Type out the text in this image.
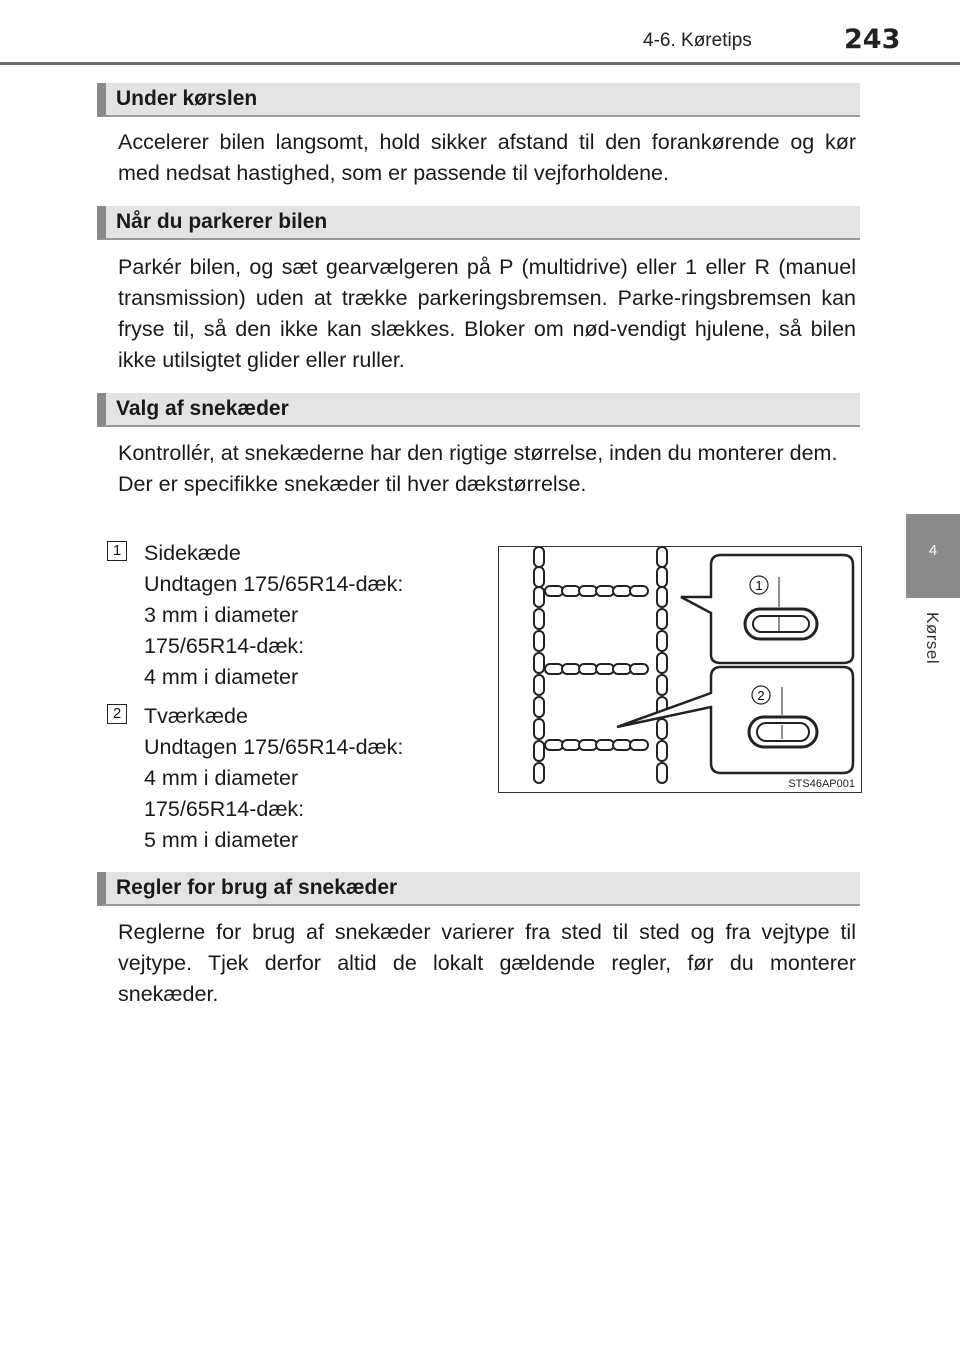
4-6. Køretips	243
4
Kørsel
Under kørslen

Accelerer bilen langsomt, hold sikker afstand til den forankørende og kør med nedsat hastighed, som er passende til vejforholdene.

Når du parkerer bilen

Parkér bilen, og sæt gearvælgeren på P (multidrive) eller 1 eller R (manuel transmission) uden at trække parkeringsbremsen. Parke-ringsbremsen kan fryse til, så den ikke kan slækkes. Bloker om nød-vendigt hjulene, så bilen ikke utilsigtet glider eller ruller.

Valg af snekæder

Kontrollér, at snekæderne har den rigtige størrelse, inden du monterer dem.

Der er specifikke snekæder til hver dækstørrelse.

1 Sidekæde
Undtagen 175/65R14-dæk:
3 mm i diameter
175/65R14-dæk:
4 mm i diameter
2 Tværkæde
Undtagen 175/65R14-dæk:
4 mm i diameter
175/65R14-dæk:
5 mm i diameter
1
2
STS46AP001
Regler for brug af snekæder

Reglerne for brug af snekæder varierer fra sted til sted og fra vejtype til vejtype. Tjek derfor altid de lokalt gældende regler, før du monterer snekæder.
